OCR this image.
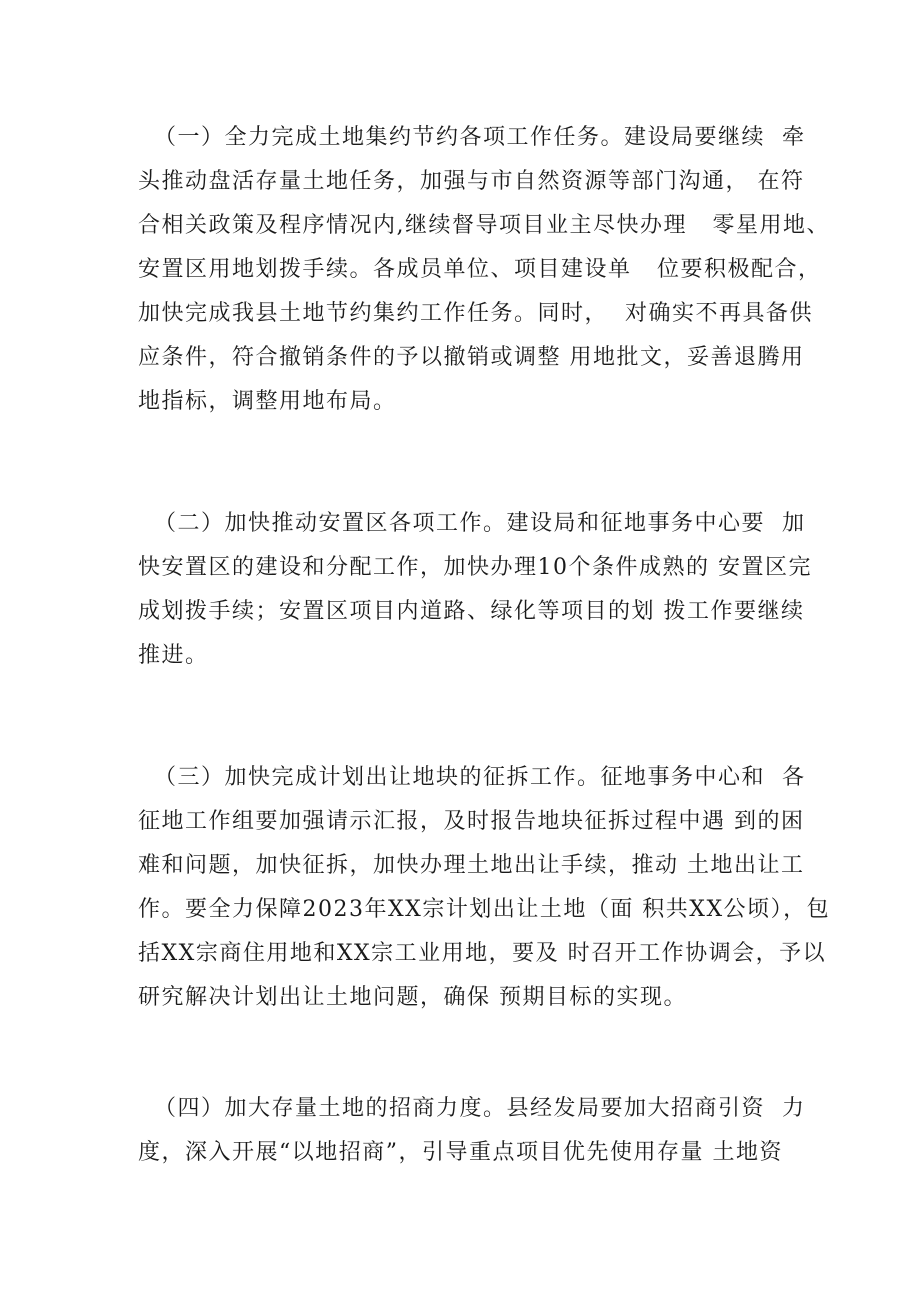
（一）全力完成土地集约节约各项工作任务。建设局要继续  牵
头推动盘活存量土地任务，加强与市自然资源等部门沟通， 在符
合相关政策及程序情况内,继续督导项目业主尽快办理   零星用地、
安置区用地划拨手续。各成员单位、项目建设单   位要积极配合，
加快完成我县土地节约集约工作任务。同时，  对确实不再具备供
应条件，符合撤销条件的予以撤销或调整 用地批文，妥善退腾用
地指标，调整用地布局。
（二）加快推动安置区各项工作。建设局和征地事务中心要  加
快安置区的建设和分配工作，加快办理10个条件成熟的 安置区完
成划拨手续；安置区项目内道路、绿化等项目的划 拨工作要继续
推进。
（三）加快完成计划出让地块的征拆工作。征地事务中心和  各
征地工作组要加强请示汇报，及时报告地块征拆过程中遇 到的困
难和问题，加快征拆，加快办理土地出让手续，推动 土地出让工
作。要全力保障2023年XX宗计划出让土地（面 积共XX公顷），包
括XX宗商住用地和XX宗工业用地，要及 时召开工作协调会，予以
研究解决计划出让土地问题，确保 预期目标的实现。
（四）加大存量土地的招商力度。县经发局要加大招商引资  力
度，深入开展“以地招商”，引导重点项目优先使用存量 土地资
